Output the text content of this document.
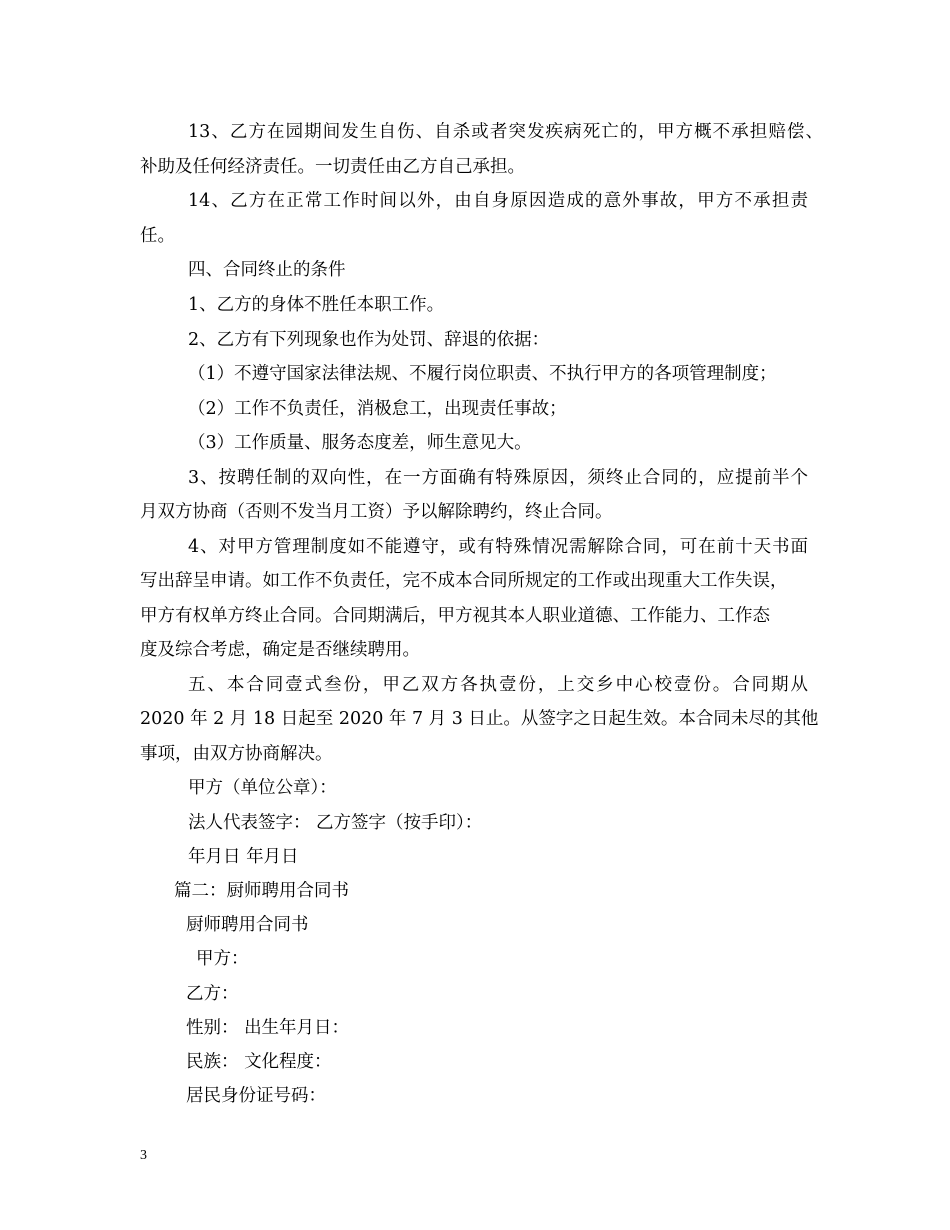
13、乙方在园期间发生自伤、自杀或者突发疾病死亡的，甲方概不承担赔偿、
补助及任何经济责任。一切责任由乙方自己承担。
14、乙方在正常工作时间以外，由自身原因造成的意外事故，甲方不承担责
任。
四、合同终止的条件
1、乙方的身体不胜任本职工作。
2、乙方有下列现象也作为处罚、辞退的依据：
（1）不遵守国家法律法规、不履行岗位职责、不执行甲方的各项管理制度；
（2）工作不负责任，消极怠工，出现责任事故；
（3）工作质量、服务态度差，师生意见大。
3、按聘任制的双向性，在一方面确有特殊原因，须终止合同的，应提前半个
月双方协商（否则不发当月工资）予以解除聘约，终止合同。
4、对甲方管理制度如不能遵守，或有特殊情况需解除合同，可在前十天书面
写出辞呈申请。如工作不负责任，完不成本合同所规定的工作或出现重大工作失误，
甲方有权单方终止合同。合同期满后，甲方视其本人职业道德、工作能力、工作态
度及综合考虑，确定是否继续聘用。
五、本合同壹式叁份，甲乙双方各执壹份，上交乡中心校壹份。合同期从
2020 年 2 月 18 日起至 2020 年 7 月 3 日止。从签字之日起生效。本合同未尽的其他
事项，由双方协商解决。
甲方（单位公章）：
法人代表签字： 乙方签字（按手印）：
年月日 年月日
篇二：厨师聘用合同书
厨师聘用合同书
甲方：
乙方：
性别： 出生年月日：
民族： 文化程度：
居民身份证号码：
3
